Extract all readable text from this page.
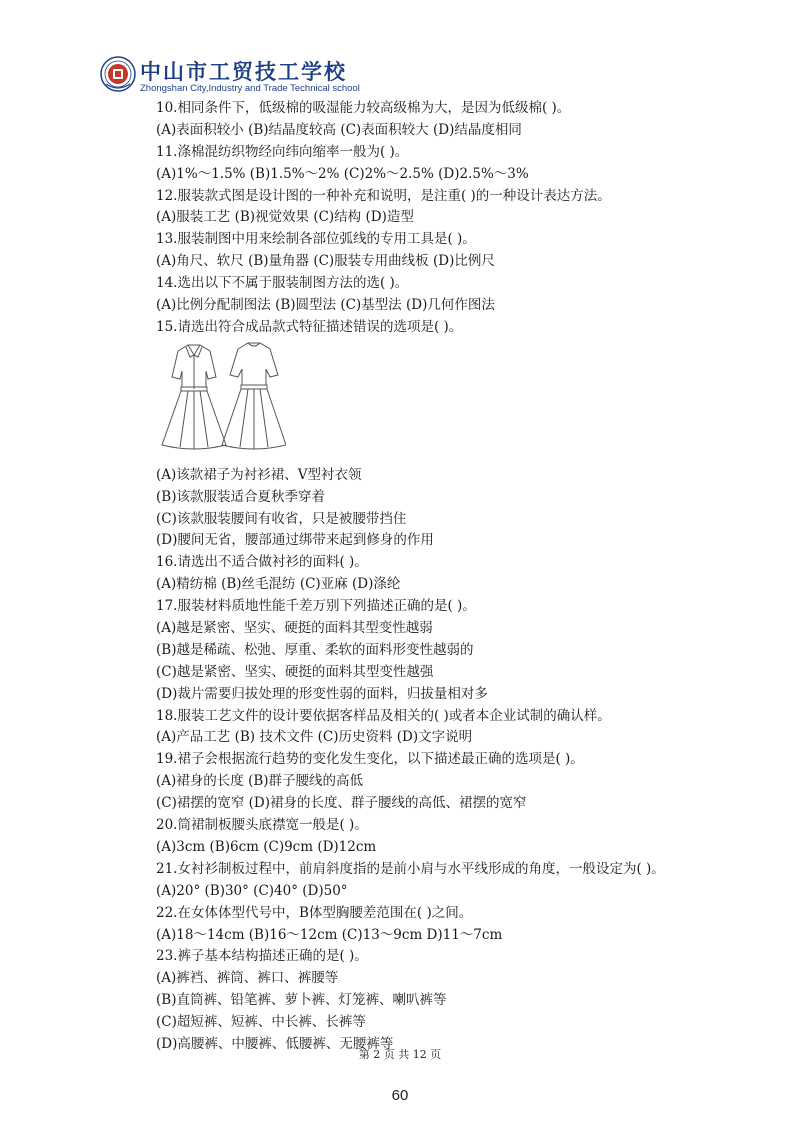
中山市工贸技工学校
Zhongshan City,Industry and Trade Technical school
10.相同条件下，低级棉的吸湿能力较高级棉为大，是因为低级棉( )。
(A)表面积较小 (B)结晶度较高 (C)表面积较大 (D)结晶度相同
11.涤棉混纺织物经向纬向缩率一般为( )。
(A)1%～1.5% (B)1.5%～2% (C)2%～2.5% (D)2.5%～3%
12.服装款式图是设计图的一种补充和说明，是注重( )的一种设计表达方法。
(A)服装工艺 (B)视觉效果 (C)结构 (D)造型
13.服装制图中用来绘制各部位弧线的专用工具是( )。
(A)角尺、软尺 (B)量角器 (C)服装专用曲线板 (D)比例尺
14.选出以下不属于服装制图方法的选( )。
(A)比例分配制图法 (B)圆型法 (C)基型法 (D)几何作图法
15.请选出符合成品款式特征描述错误的选项是( )。
(A)该款裙子为衬衫裙、V型衬衣领
(B)该款服装适合夏秋季穿着
(C)该款服装腰间有收省，只是被腰带挡住
(D)腰间无省，腰部通过绑带来起到修身的作用
16.请选出不适合做衬衫的面料( )。
(A)精纺棉 (B)丝毛混纺 (C)亚麻 (D)涤纶
17.服装材料质地性能千差万别下列描述正确的是( )。
(A)越是紧密、坚实、硬挺的面料其型变性越弱
(B)越是稀疏、松弛、厚重、柔软的面料形变性越弱的
(C)越是紧密、坚实、硬挺的面料其型变性越强
(D)裁片需要归拔处理的形变性弱的面料，归拔量相对多
18.服装工艺文件的设计要依据客样品及相关的( )或者本企业试制的确认样。
(A)产品工艺 (B) 技术文件 (C)历史资料 (D)文字说明
19.裙子会根据流行趋势的变化发生变化，以下描述最正确的选项是( )。
(A)裙身的长度 (B)群子腰线的高低
(C)裙摆的宽窄 (D)裙身的长度、群子腰线的高低、裙摆的宽窄
20.筒裙制板腰头底襟宽一般是( )。
(A)3cm (B)6cm (C)9cm (D)12cm
21.女衬衫制板过程中，前肩斜度指的是前小肩与水平线形成的角度，一般设定为( )。
(A)20° (B)30° (C)40° (D)50°
22.在女体体型代号中，B体型胸腰差范围在( )之间。
(A)18～14cm (B)16～12cm (C)13～9cm D)11～7cm
23.裤子基本结构描述正确的是( )。
(A)裤裆、裤筒、裤口、裤腰等
(B)直筒裤、铅笔裤、萝卜裤、灯笼裤、喇叭裤等
(C)超短裤、短裤、中长裤、长裤等
(D)高腰裤、中腰裤、低腰裤、无腰裤等
第 2 页 共 12 页
60
